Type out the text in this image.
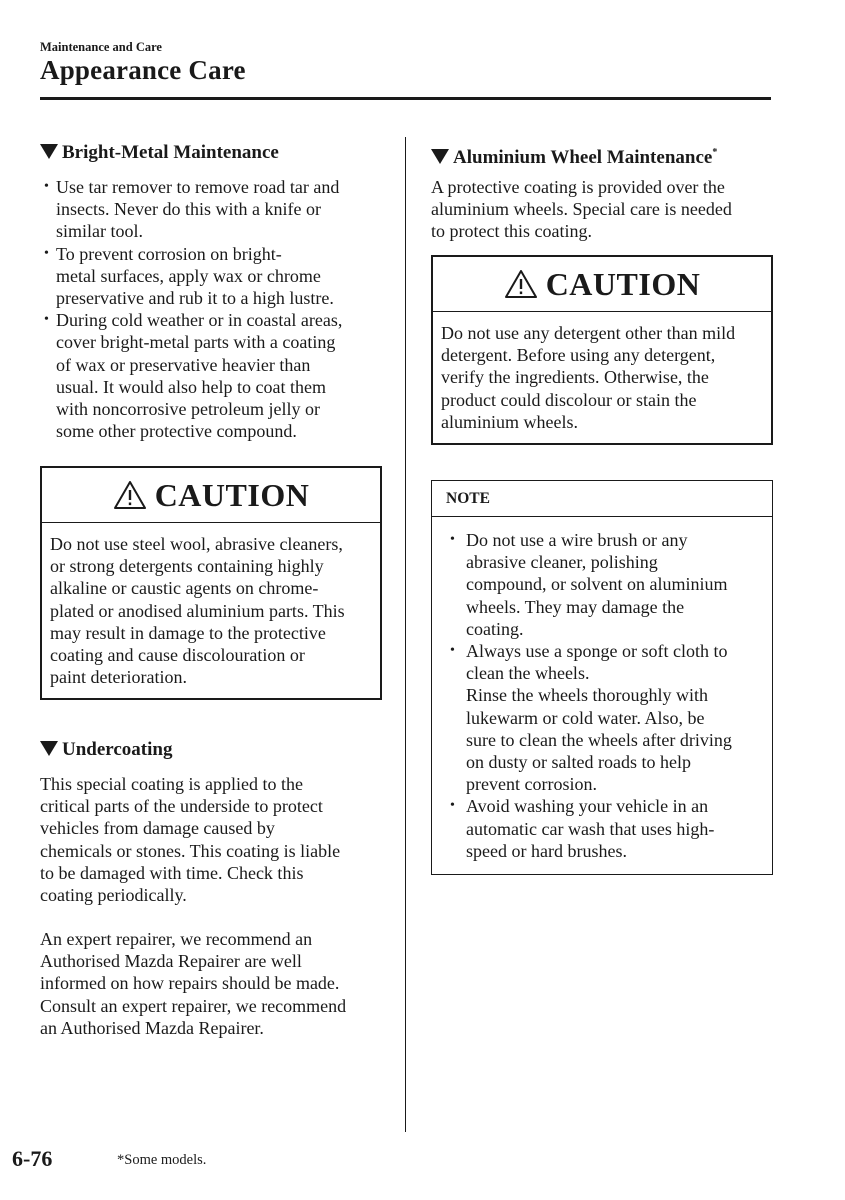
Maintenance and Care
Appearance Care
Bright-Metal Maintenance
• Use tar remover to remove road tar and
insects. Never do this with a knife or
similar tool.
• To prevent corrosion on bright-
metal surfaces, apply wax or chrome
preservative and rub it to a high lustre.
• During cold weather or in coastal areas,
cover bright-metal parts with a coating
of wax or preservative heavier than
usual. It would also help to coat them
with noncorrosive petroleum jelly or
some other protective compound.
CAUTION
Do not use steel wool, abrasive cleaners,
or strong detergents containing highly
alkaline or caustic agents on chrome-
plated or anodised aluminium parts. This
may result in damage to the protective
coating and cause discolouration or
paint deterioration.
Undercoating

This special coating is applied to the
critical parts of the underside to protect
vehicles from damage caused by
chemicals or stones. This coating is liable
to be damaged with time. Check this
coating periodically.

An expert repairer, we recommend an
Authorised Mazda Repairer are well
informed on how repairs should be made.
Consult an expert repairer, we recommend
an Authorised Mazda Repairer.

Aluminium Wheel Maintenance*

A protective coating is provided over the
aluminium wheels. Special care is needed
to protect this coating.

CAUTION
Do not use any detergent other than mild
detergent. Before using any detergent,
verify the ingredients. Otherwise, the
product could discolour or stain the
aluminium wheels.
NOTE
• Do not use a wire brush or any
abrasive cleaner, polishing
compound, or solvent on aluminium
wheels. They may damage the
coating.
• Always use a sponge or soft cloth to
clean the wheels.
Rinse the wheels thoroughly with
lukewarm or cold water. Also, be
sure to clean the wheels after driving
on dusty or salted roads to help
prevent corrosion.
• Avoid washing your vehicle in an
automatic car wash that uses high-
speed or hard brushes.
6-76	*Some models.
